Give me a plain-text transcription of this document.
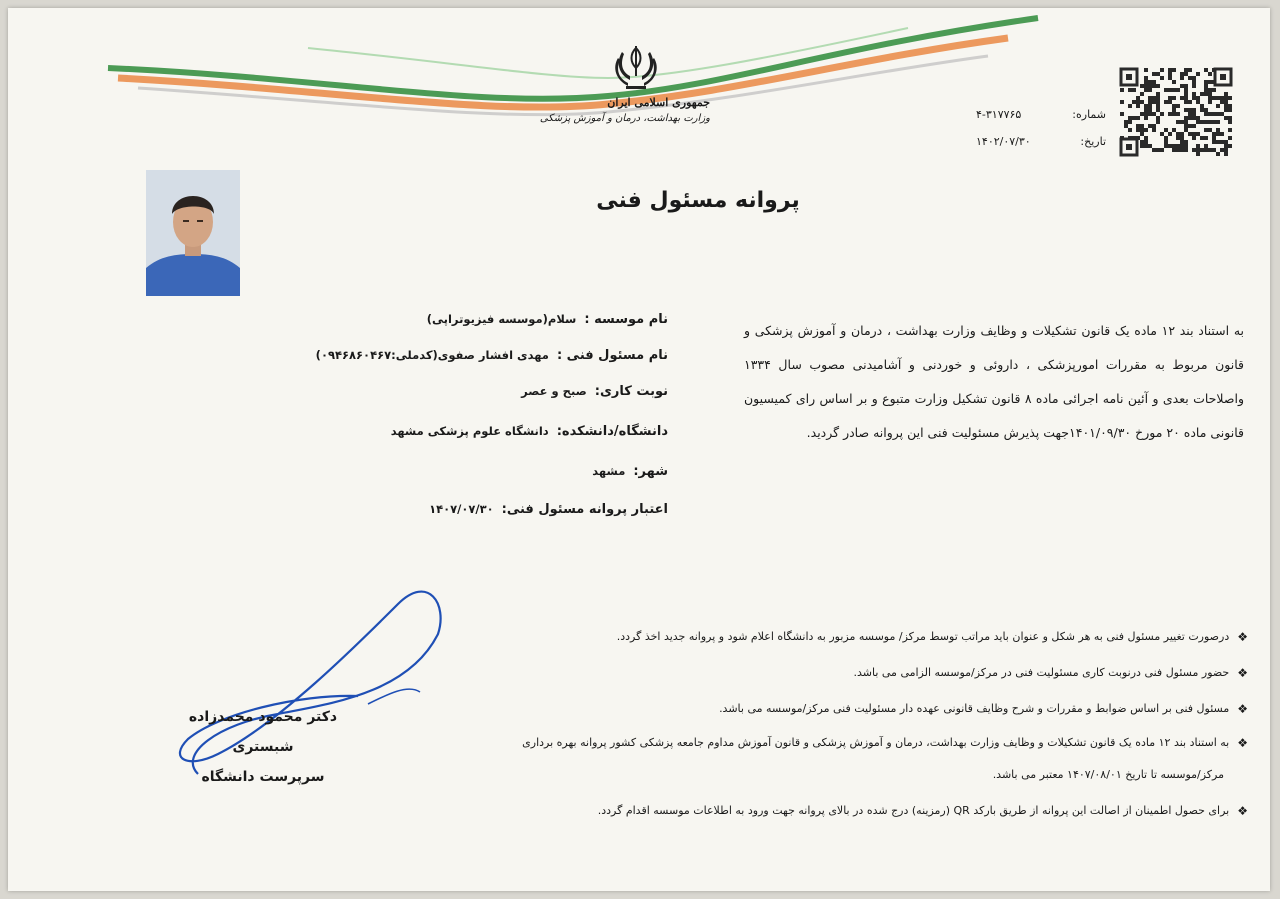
جمهوری اسلامی ایران
وزارت بهداشت، درمان و آموزش پزشکی	شماره:
۴-۳۱۷۷۶۵
تاریخ:
۱۴۰۲/۰۷/۳۰
پروانه مسئول فنی
به استناد بند ۱۲ ماده یک قانون تشکیلات و وظایف وزارت بهداشت ، درمان و آموزش پزشکی و قانون مربوط به مقررات امورپزشکی ، داروئی و خوردنی و آشامیدنی مصوب سال ۱۳۳۴ واصلاحات بعدی و آئین نامه اجرائی ماده ۸ قانون تشکیل وزارت متبوع و بر اساس رای کمیسیون قانونی ماده ۲۰ مورخ ۱۴۰۱/۰۹/۳۰جهت پذیرش مسئولیت فنی این پروانه صادر گردید.
نام موسسه :
سلام(موسسه فیزیوتراپی)
نام مسئول فنی :
مهدی افشار صفوی(کدملی:۰۹۴۶۸۶۰۴۶۷)
نوبت کاری:
صبح و عصر
دانشگاه/دانشکده:
دانشگاه علوم پزشکی مشهد
شهر:
مشهد
اعتبار پروانه مسئول فنی:
۱۴۰۷/۰۷/۳۰
دکتر محمود محمدزاده شبستری
سرپرست دانشگاه
❖
درصورت تغییر مسئول فنی به هر شکل و عنوان باید مراتب توسط مرکز/ موسسه مزبور به دانشگاه اعلام شود و پروانه جدید اخذ گردد.
❖
حضور مسئول فنی درنوبت کاری مسئولیت فنی در مرکز/موسسه الزامی می باشد.
❖
مسئول فنی بر اساس ضوابط و مقررات و شرح وظایف قانونی عهده دار مسئولیت فنی مرکز/موسسه می باشد.
❖
به استناد بند ۱۲ ماده یک قانون تشکیلات و وظایف وزارت بهداشت، درمان و آموزش پزشکی و قانون آموزش مداوم جامعه پزشکی کشور پروانه بهره برداری
مرکز/موسسه تا تاریخ ۱۴۰۷/۰۸/۰۱ معتبر می باشد.
❖
برای حصول اطمینان از اصالت این پروانه از طریق بارکد QR (رمزینه) درج شده در بالای پروانه جهت ورود به اطلاعات موسسه اقدام گردد.
